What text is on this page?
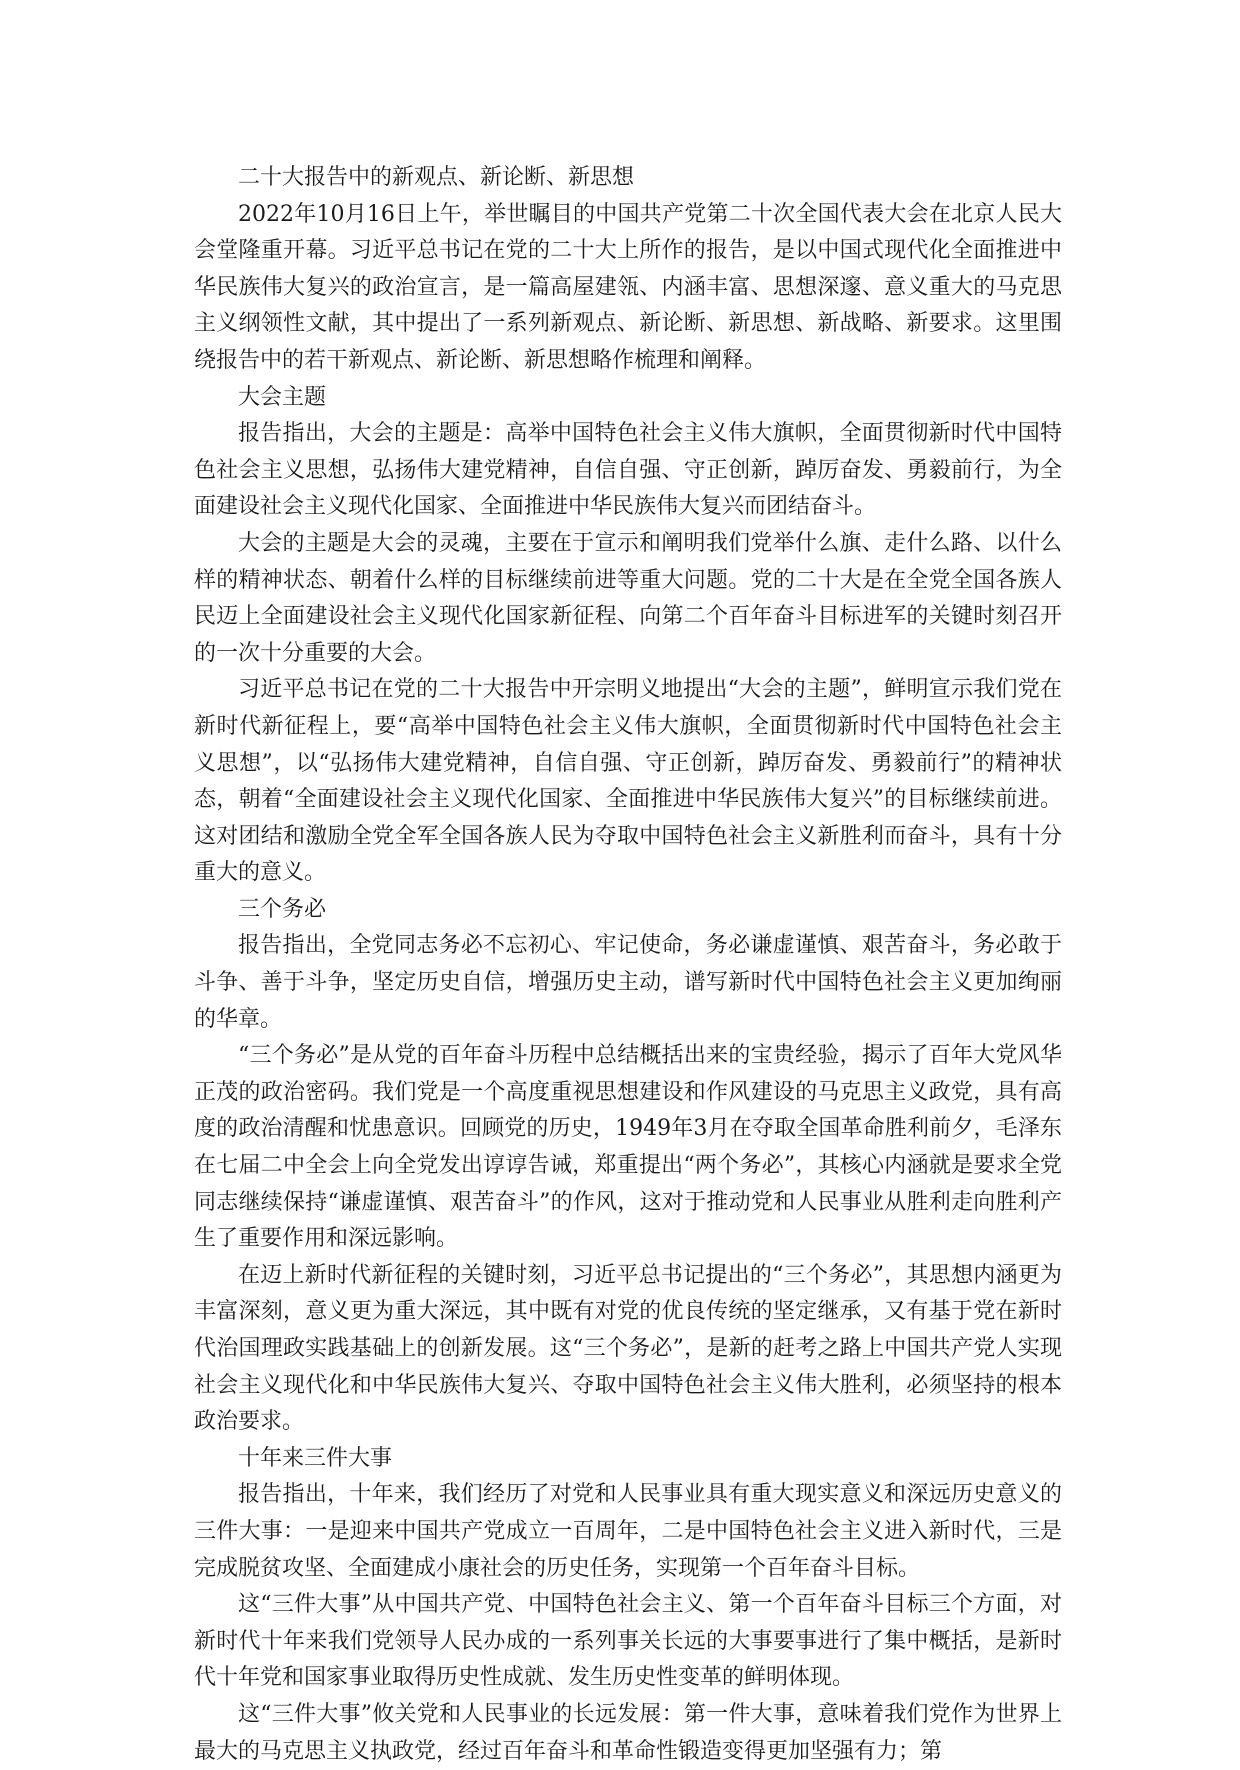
二十大报告中的新观点、新论断、新思想

2022年10月16日上午，举世瞩目的中国共产党第二十次全国代表大会在北京人民大会堂隆重开幕。习近平总书记在党的二十大上所作的报告，是以中国式现代化全面推进中华民族伟大复兴的政治宣言，是一篇高屋建瓴、内涵丰富、思想深邃、意义重大的马克思主义纲领性文献，其中提出了一系列新观点、新论断、新思想、新战略、新要求。这里围绕报告中的若干新观点、新论断、新思想略作梳理和阐释。

大会主题

报告指出，大会的主题是：高举中国特色社会主义伟大旗帜，全面贯彻新时代中国特色社会主义思想，弘扬伟大建党精神，自信自强、守正创新，踔厉奋发、勇毅前行，为全面建设社会主义现代化国家、全面推进中华民族伟大复兴而团结奋斗。

大会的主题是大会的灵魂，主要在于宣示和阐明我们党举什么旗、走什么路、以什么样的精神状态、朝着什么样的目标继续前进等重大问题。党的二十大是在全党全国各族人民迈上全面建设社会主义现代化国家新征程、向第二个百年奋斗目标进军的关键时刻召开的一次十分重要的大会。

习近平总书记在党的二十大报告中开宗明义地提出“大会的主题”，鲜明宣示我们党在新时代新征程上，要“高举中国特色社会主义伟大旗帜，全面贯彻新时代中国特色社会主义思想”，以“弘扬伟大建党精神，自信自强、守正创新，踔厉奋发、勇毅前行”的精神状态，朝着“全面建设社会主义现代化国家、全面推进中华民族伟大复兴”的目标继续前进。这对团结和激励全党全军全国各族人民为夺取中国特色社会主义新胜利而奋斗，具有十分重大的意义。

三个务必

报告指出，全党同志务必不忘初心、牢记使命，务必谦虚谨慎、艰苦奋斗，务必敢于斗争、善于斗争，坚定历史自信，增强历史主动，谱写新时代中国特色社会主义更加绚丽的华章。

“三个务必”是从党的百年奋斗历程中总结概括出来的宝贵经验，揭示了百年大党风华正茂的政治密码。我们党是一个高度重视思想建设和作风建设的马克思主义政党，具有高度的政治清醒和忧患意识。回顾党的历史，1949年3月在夺取全国革命胜利前夕，毛泽东在七届二中全会上向全党发出谆谆告诫，郑重提出“两个务必”，其核心内涵就是要求全党同志继续保持“谦虚谨慎、艰苦奋斗”的作风，这对于推动党和人民事业从胜利走向胜利产生了重要作用和深远影响。

在迈上新时代新征程的关键时刻，习近平总书记提出的“三个务必”，其思想内涵更为丰富深刻，意义更为重大深远，其中既有对党的优良传统的坚定继承，又有基于党在新时代治国理政实践基础上的创新发展。这“三个务必”，是新的赶考之路上中国共产党人实现社会主义现代化和中华民族伟大复兴、夺取中国特色社会主义伟大胜利，必须坚持的根本政治要求。

十年来三件大事

报告指出，十年来，我们经历了对党和人民事业具有重大现实意义和深远历史意义的三件大事：一是迎来中国共产党成立一百周年，二是中国特色社会主义进入新时代，三是完成脱贫攻坚、全面建成小康社会的历史任务，实现第一个百年奋斗目标。

这“三件大事”从中国共产党、中国特色社会主义、第一个百年奋斗目标三个方面，对新时代十年来我们党领导人民办成的一系列事关长远的大事要事进行了集中概括，是新时代十年党和国家事业取得历史性成就、发生历史性变革的鲜明体现。

这“三件大事”攸关党和人民事业的长远发展：第一件大事，意味着我们党作为世界上最大的马克思主义执政党，经过百年奋斗和革命性锻造变得更加坚强有力；第
